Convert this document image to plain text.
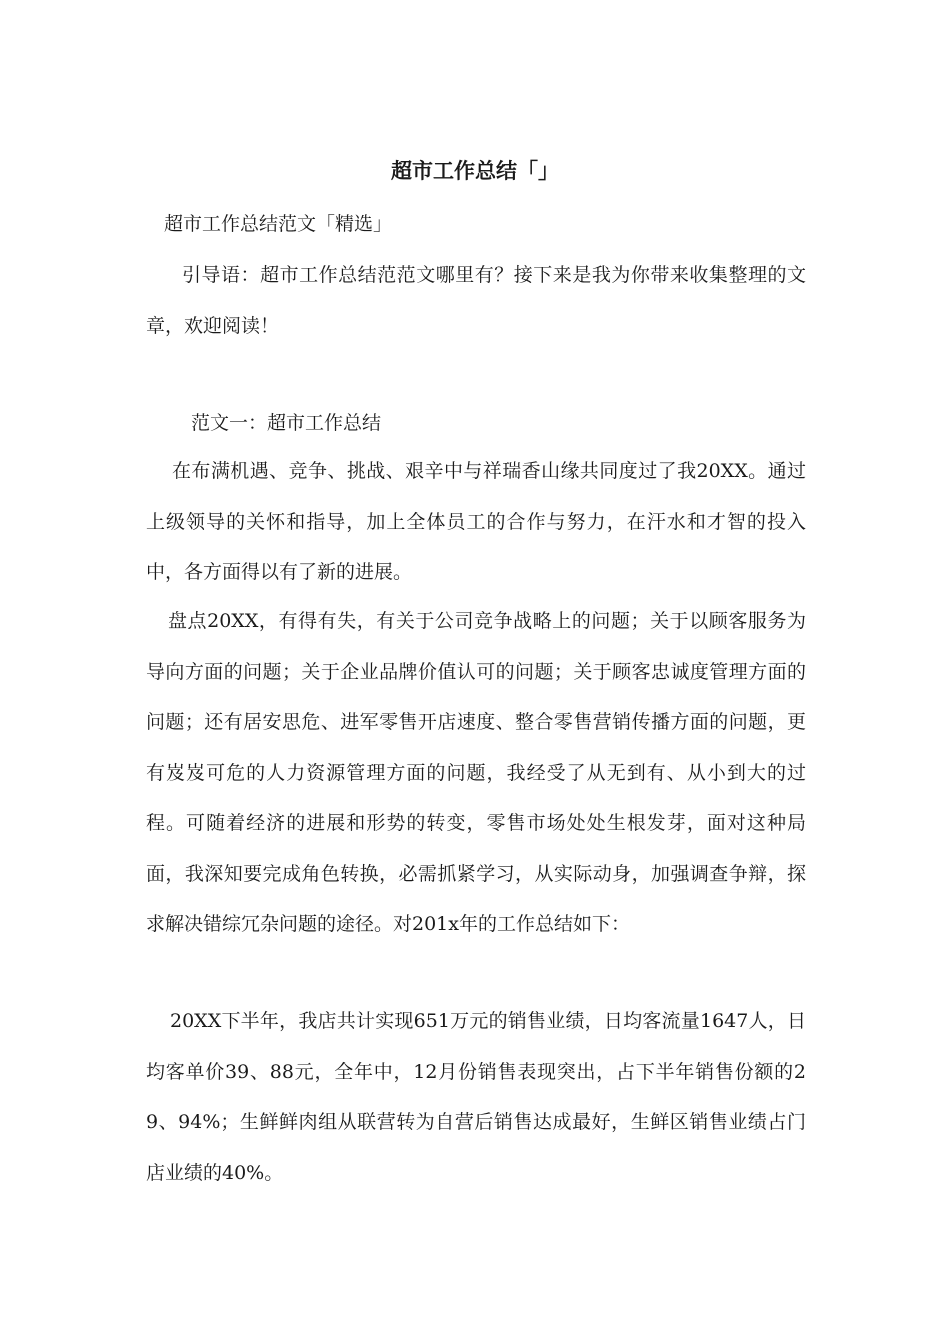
超市工作总结「」

超市工作总结范文「精选」

引导语：超市工作总结范范文哪里有？接下来是我为你带来收集整理的文章，欢迎阅读！

范文一：超市工作总结

在布满机遇、竞争、挑战、艰辛中与祥瑞香山缘共同度过了我20XX。通过上级领导的关怀和指导，加上全体员工的合作与努力，在汗水和才智的投入中，各方面得以有了新的进展。

盘点20XX，有得有失，有关于公司竞争战略上的问题；关于以顾客服务为导向方面的问题；关于企业品牌价值认可的问题；关于顾客忠诚度管理方面的问题；还有居安思危、进军零售开店速度、整合零售营销传播方面的问题，更有岌岌可危的人力资源管理方面的问题，我经受了从无到有、从小到大的过程。可随着经济的进展和形势的转变，零售市场处处生根发芽，面对这种局面，我深知要完成角色转换，必需抓紧学习，从实际动身，加强调查争辩，探求解决错综冗杂问题的途径。对201x年的工作总结如下：

20XX下半年，我店共计实现651万元的销售业绩，日均客流量1647人，日均客单价39、88元，全年中，12月份销售表现突出，占下半年销售份额的29、94%；生鲜鲜肉组从联营转为自营后销售达成最好，生鲜区销售业绩占门店业绩的40%。
